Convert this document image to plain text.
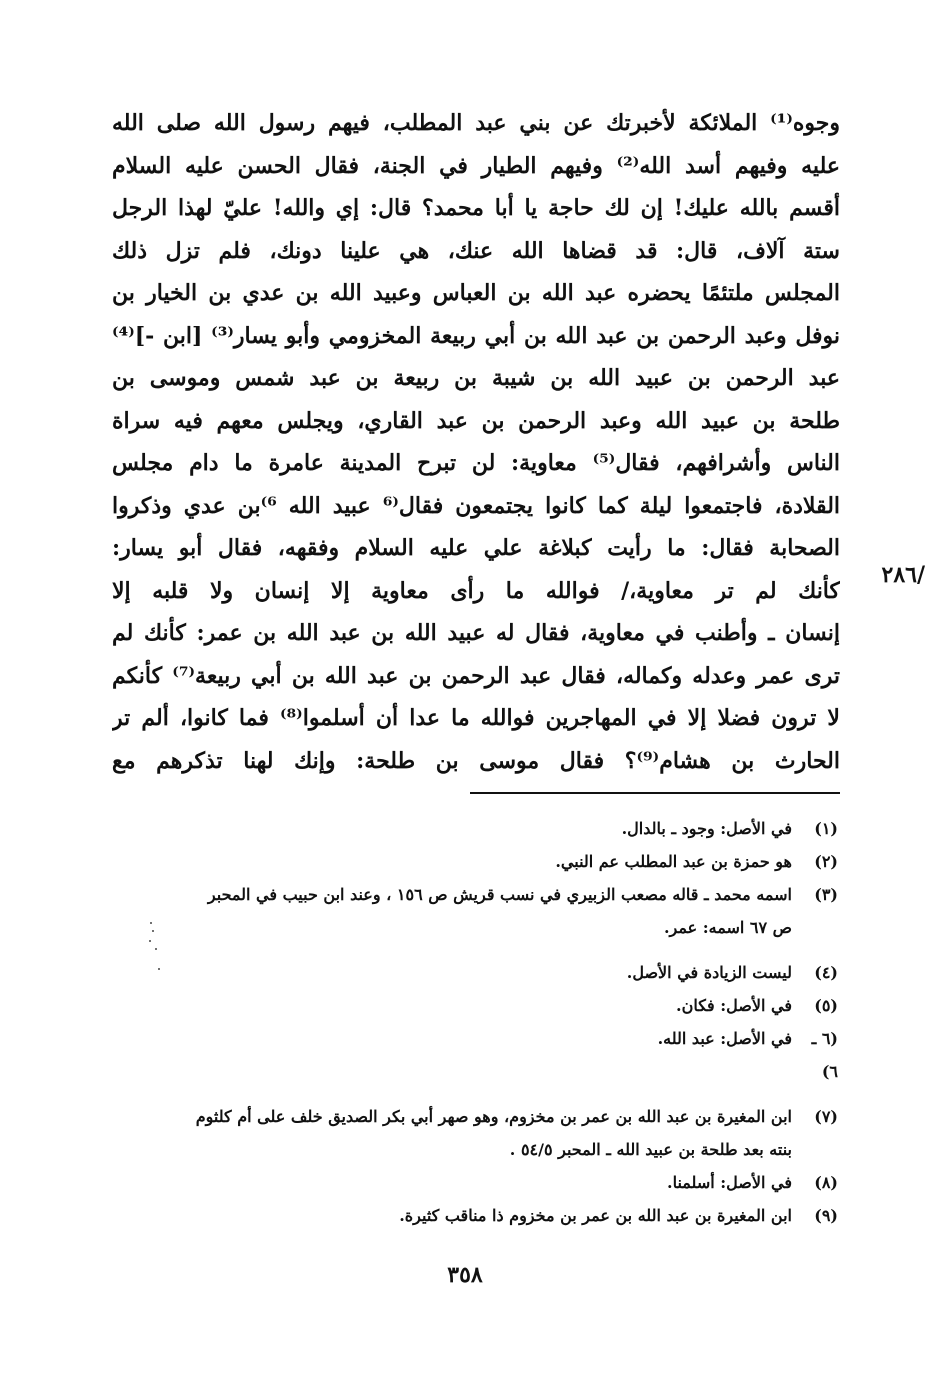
وجوه⁽¹⁾ الملائكة لأخبرتك عن بني عبد المطلب، فيهم رسول الله صلى الله
عليه وفيهم أسد الله⁽²⁾ وفيهم الطيار في الجنة، فقال الحسن عليه السلام
أقسم بالله عليك! إن لك حاجة يا أبا محمد؟ قال: إي والله! عليّ لهذا الرجل
ستة آلاف، قال: قد قضاها الله عنك، هي علينا دونك، فلم تزل ذلك
المجلس ملتئمًا يحضره عبد الله بن العباس وعبيد الله بن عدي بن الخيار بن
نوفل وعبد الرحمن بن عبد الله بن أبي ربيعة المخزومي وأبو يسار⁽³⁾ [ابن -]⁽⁴⁾
عبد الرحمن بن عبيد الله بن شيبة بن ربيعة بن عبد شمس وموسى بن
طلحة بن عبيد الله وعبد الرحمن بن عبد القاري، ويجلس معهم فيه سراة
الناس وأشرافهم، فقال⁽⁵⁾ معاوية: لن تبرح المدينة عامرة ما دام مجلس
القلادة، فاجتمعوا ليلة كما كانوا يجتمعون فقال⁽⁶ عبيد الله ⁶⁾بن عدي وذكروا
الصحابة فقال: ما رأيت كبلاغة علي عليه السلام وفقهه، فقال أبو يسار:
كأنك لم تر معاوية،/ فوالله ما رأى معاوية إلا إنسان ولا قلبه إلا
إنسان ـ وأطنب في معاوية، فقال له عبيد الله بن عبد الله بن عمر: كأنك لم
ترى عمر وعدله وكماله، فقال عبد الرحمن بن عبد الله بن أبي ربيعة⁽⁷⁾ كأنكم
لا ترون فضلا إلا في المهاجرين فوالله ما عدا أن أسلموا⁽⁸⁾ فما كانوا، ألم تر
الحارث بن هشام⁽⁹⁾؟ فقال موسى بن طلحة: وإنك لهنا تذكرهم مع
/٢٨٦
(١)
في الأصل: وجود ـ بالدال.
(٢)
هو حمزة بن عبد المطلب عم النبي.
(٣)
اسمه محمد ـ قاله مصعب الزبيري في نسب قريش ص ١٥٦ ، وعند ابن حبيب في المحبر
ص ٦٧ اسمه: عمر.
(٤)
ليست الزيادة في الأصل.
(٥)
في الأصل: فكان.
(٦ ـ ٦)
في الأصل: عبد الله.
(٧)
ابن المغيرة بن عبد الله بن عمر بن مخزوم، وهو صهر أبي بكر الصديق خلف على أم كلثوم
بنته بعد طلحة بن عبيد الله ـ المحبر ٥٤/٥ .
(٨)
في الأصل: أسلمنا.
(٩)
ابن المغيرة بن عبد الله بن عمر بن مخزوم ذا مناقب كثيرة.
٣٥٨
